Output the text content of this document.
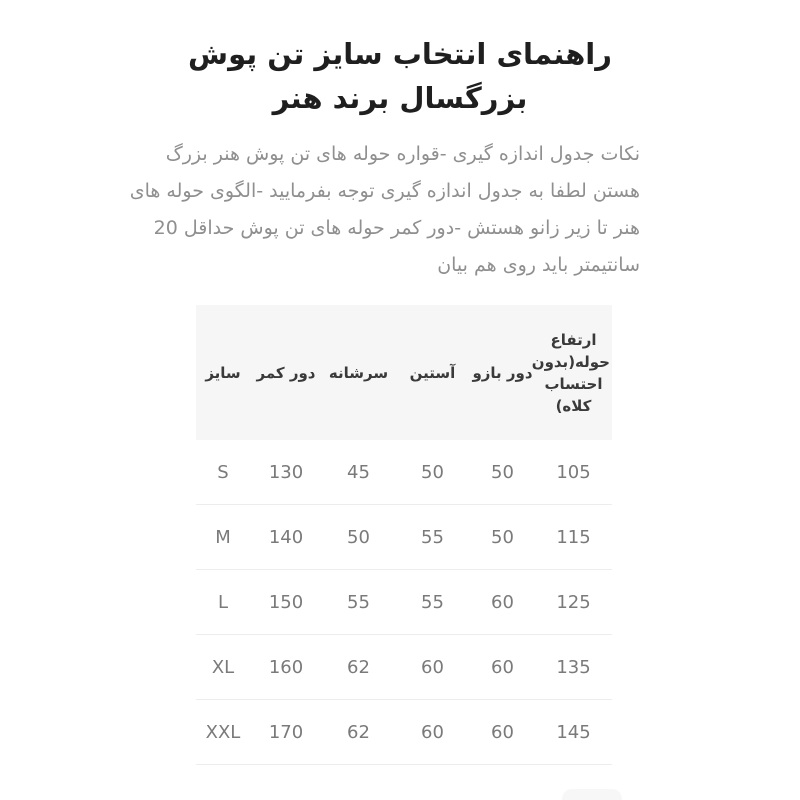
راهنمای انتخاب سایز تن پوش
بزرگسال برند هنر
نکات جدول اندازه گیری -قواره حوله های تن پوش هنر بزرگ
هستن لطفا به جدول اندازه گیری توجه بفرمایید -الگوی حوله های
هنر تا زیر زانو هستش -دور کمر حوله های تن پوش حداقل 20
سانتیمتر باید روی هم بیان
سایز	دور کمر	سرشانه	آستین	دور بازو	ارتفاع حوله(بدون احتساب کلاه)
S	130	45	50	50	105
M	140	50	55	50	115
L	150	55	55	60	125
XL	160	62	60	60	135
XXL	170	62	60	60	145
